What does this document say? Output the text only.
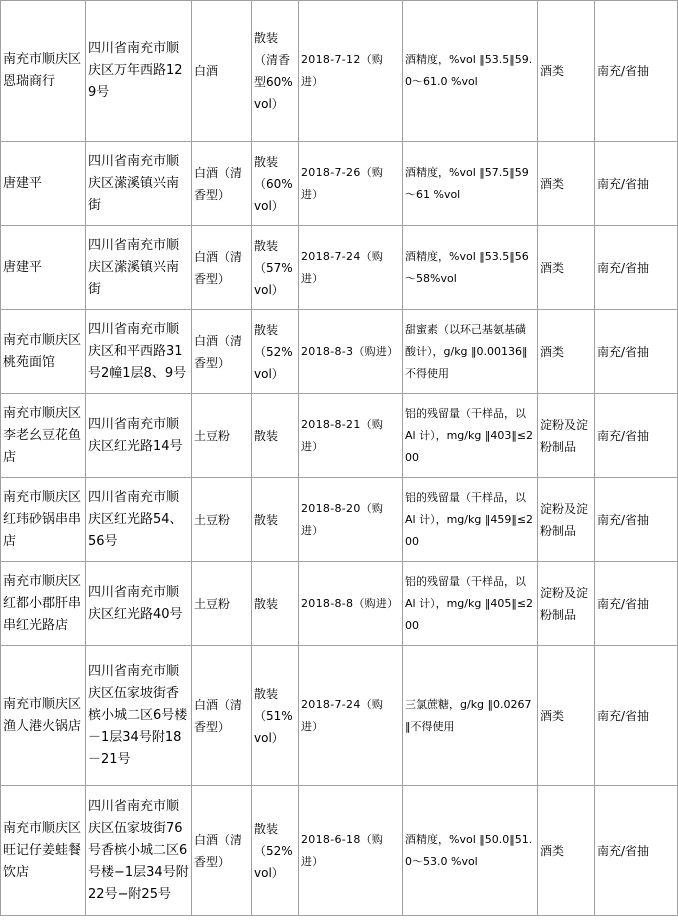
南充市顺庆区恩瑞商行	四川省南充市顺庆区万年西路129号	白酒	散装（清香型60%vol）	2018-7-12（购进）	酒精度，%vol ‖53.5‖59.0～61.0 %vol	酒类	南充/省抽
唐建平	四川省南充市顺庆区潆溪镇兴南街	白酒（清香型）	散装（60%vol）	2018-7-26（购进）	酒精度，%vol ‖57.5‖59～61 %vol	酒类	南充/省抽
唐建平	四川省南充市顺庆区潆溪镇兴南街	白酒（清香型）	散装（57%vol）	2018-7-24（购进）	酒精度，%vol ‖53.5‖56～58%vol	酒类	南充/省抽
南充市顺庆区桃苑面馆	四川省南充市顺庆区和平西路31号2幢1层8、9号	白酒（清香型）	散装（52%vol）	2018-8-3（购进）	甜蜜素（以环己基氨基磺酸计），g/kg ‖0.00136‖不得使用	酒类	南充/省抽
南充市顺庆区李老幺豆花鱼店	四川省南充市顺庆区红光路14号	土豆粉	散装	2018-8-21（购进）	铝的残留量（干样品，以 Al 计），mg/kg ‖403‖≤200	淀粉及淀粉制品	南充/省抽
南充市顺庆区红玮砂锅串串店	四川省南充市顺庆区红光路54、56号	土豆粉	散装	2018-8-20（购进）	铝的残留量（干样品，以 Al 计），mg/kg ‖459‖≤200	淀粉及淀粉制品	南充/省抽
南充市顺庆区红都小郡肝串串红光路店	四川省南充市顺庆区红光路40号	土豆粉	散装	2018-8-8（购进）	铝的残留量（干样品，以 Al 计），mg/kg ‖405‖≤200	淀粉及淀粉制品	南充/省抽
南充市顺庆区渔人港火锅店	四川省南充市顺庆区伍家坡街香槟小城二区6号楼－1层34号附18－21号	白酒（清香型）	散装（51%vol）	2018-7-24（购进）	三氯蔗糖，g/kg ‖0.0267‖不得使用	酒类	南充/省抽
南充市顺庆区旺记仔姜蛙餐饮店	四川省南充市顺庆区伍家坡街76号香槟小城二区6号楼−1层34号附22号−附25号	白酒（清香型）	散装（52%vol）	2018-6-18（购进）	酒精度，%vol ‖50.0‖51.0～53.0 %vol	酒类	南充/省抽
